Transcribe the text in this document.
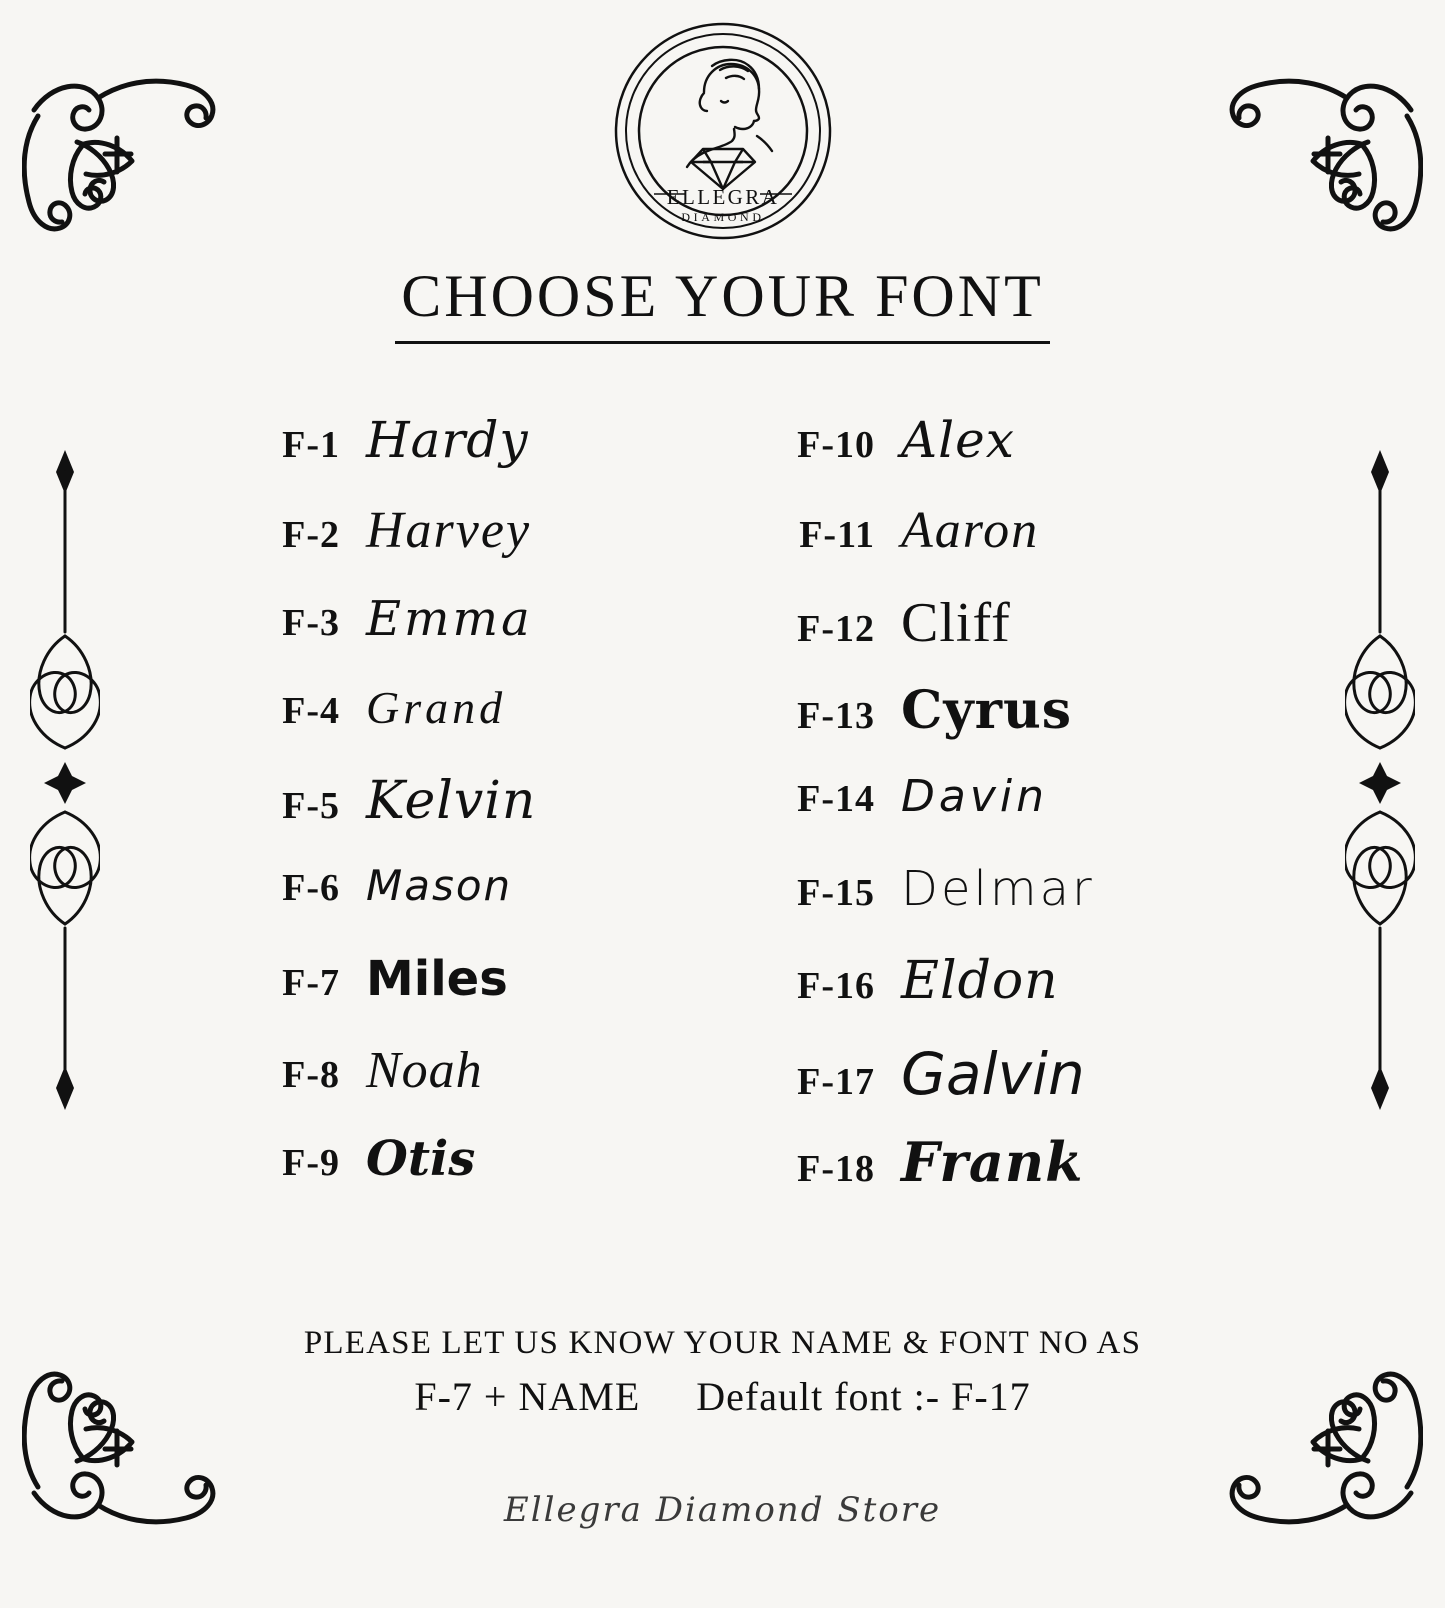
ELLEGRA
DIAMOND
CHOOSE YOUR FONT
F-1 Hardy
F-2 Harvey
F-3 Emma
F-4 Grand
F-5 Kelvin
F-6 Mason
F-7 Miles
F-8 Noah
F-9 Otis
F-10 Alex
F-11 Aaron
F-12 Cliff
F-13 Cyrus
F-14 Davin
F-15 Delmar
F-16 Eldon
F-17 Galvin
F-18 Frank
PLEASE LET US KNOW YOUR NAME & FONT NO AS
F-7 + NAME Default font :- F-17
Ellegra Diamond Store
